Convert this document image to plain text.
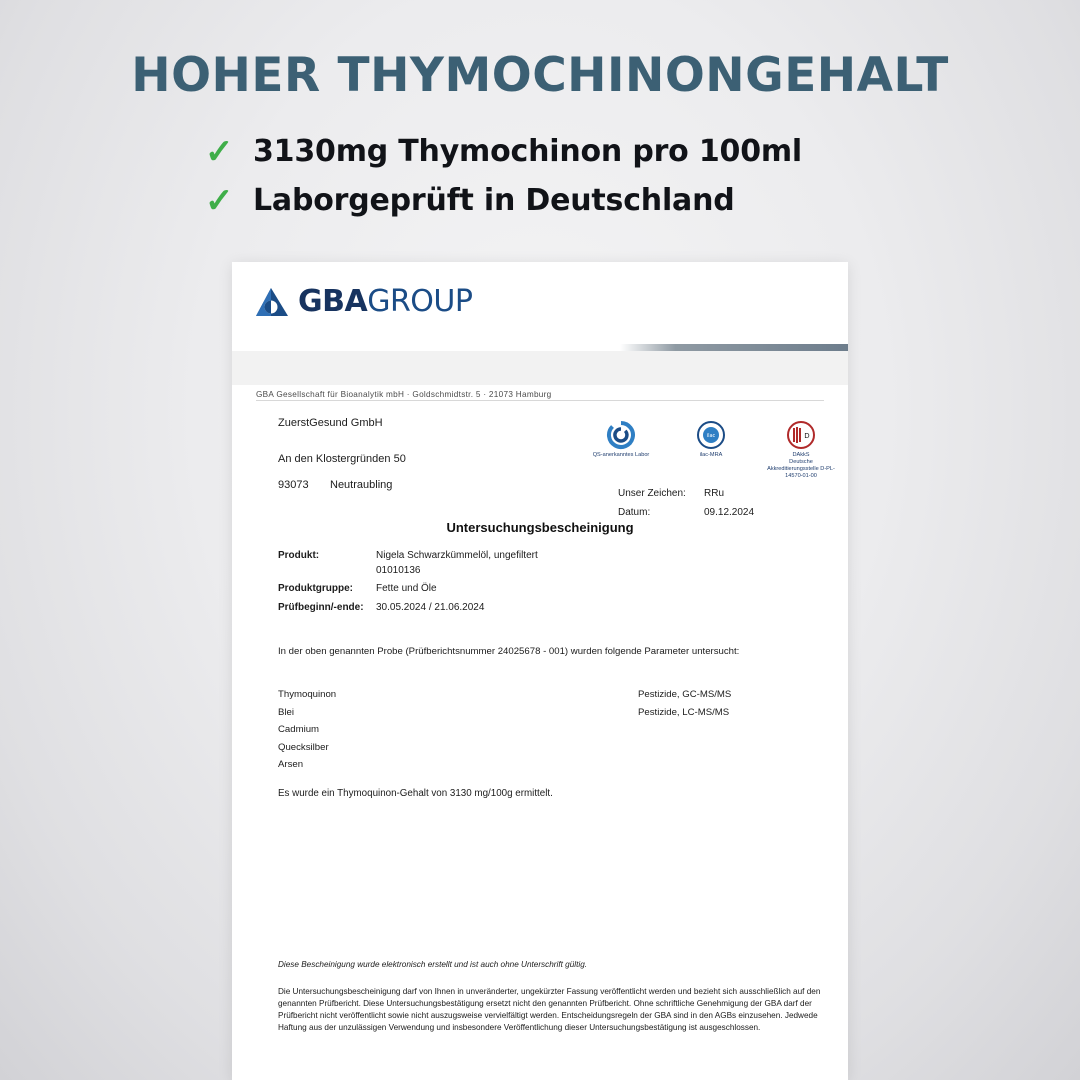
HOHER THYMOCHINONGEHALT
✓ 3130mg Thymochinon pro 100ml
✓ Laborgeprüft in Deutschland
GBAGROUP
GBA Gesellschaft für Bioanalytik mbH · Goldschmidtstr. 5 · 21073 Hamburg
ZuerstGesund GmbH
An den Klostergründen 50
93073 Neutraubling
QS-anerkanntes Labor
ilac
ilac-MRA
D
DAkkS
Deutsche Akkreditierungsstelle D-PL-14570-01-00
Unser Zeichen: RRu
Datum:	09.12.2024
Untersuchungsbescheinigung
Produkt:	Nigela Schwarzkümmelöl, ungefiltert
01010136
Produktgruppe:	Fette und Öle
Prüfbeginn/-ende:	30.05.2024 / 21.06.2024
In der oben genannten Probe (Prüfberichtsnummer 24025678 - 001) wurden folgende Parameter untersucht:
Thymoquinon
Blei
Cadmium
Quecksilber
Arsen
Pestizide, GC-MS/MS
Pestizide, LC-MS/MS
Es wurde ein Thymoquinon-Gehalt von 3130 mg/100g ermittelt.
Diese Bescheinigung wurde elektronisch erstellt und ist auch ohne Unterschrift gültig.
Die Untersuchungsbescheinigung darf von Ihnen in unveränderter, ungekürzter Fassung veröffentlicht werden und bezieht sich ausschließlich auf den genannten Prüfbericht. Diese Untersuchungsbestätigung ersetzt nicht den genannten Prüfbericht. Ohne schriftliche Genehmigung der GBA darf der Prüfbericht nicht veröffentlicht sowie nicht auszugsweise vervielfältigt werden. Entscheidungsregeln der GBA sind in den AGBs einzusehen. Jedwede Haftung aus der unzulässigen Verwendung und insbesondere Veröffentlichung dieser Untersuchungsbestätigung ist ausgeschlossen.
